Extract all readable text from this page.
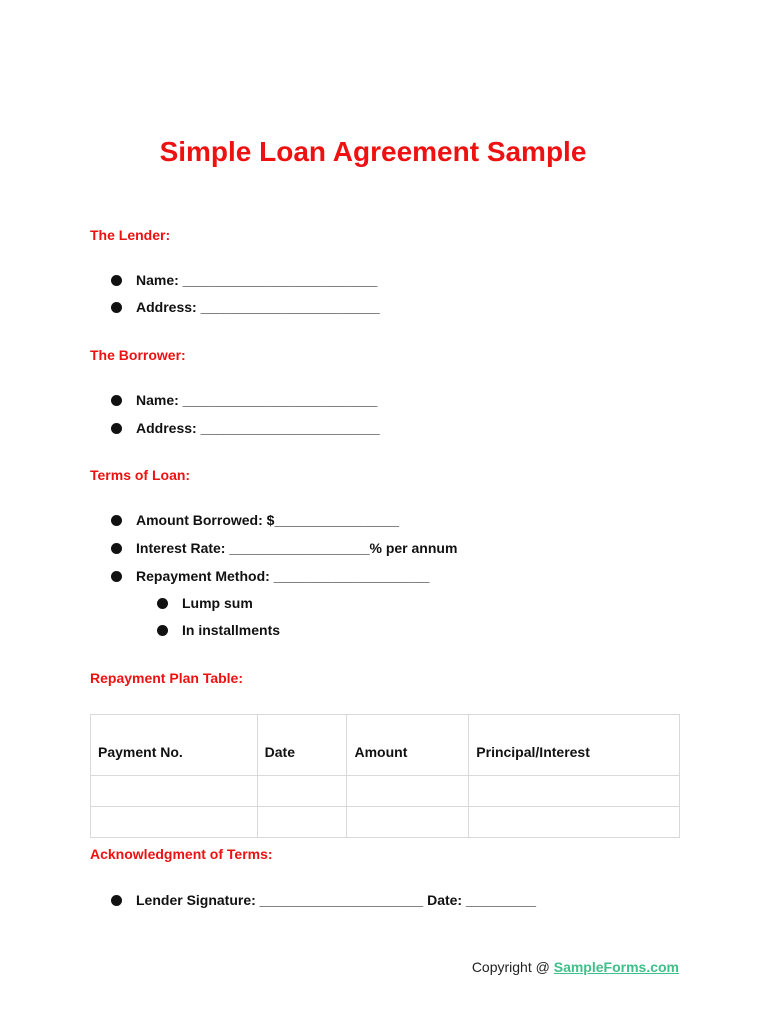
Simple Loan Agreement Sample
The Lender:
Name: _________________________
Address: _______________________
The Borrower:
Name: _________________________
Address: _______________________
Terms of Loan:
Amount Borrowed: $________________
Interest Rate: __________________% per annum
Repayment Method: ____________________
Lump sum
In installments
Repayment Plan Table:
Payment No.	Date	Amount	Principal/Interest

Acknowledgment of Terms:
Lender Signature: _____________________ Date: _________
Copyright @ SampleForms.com
